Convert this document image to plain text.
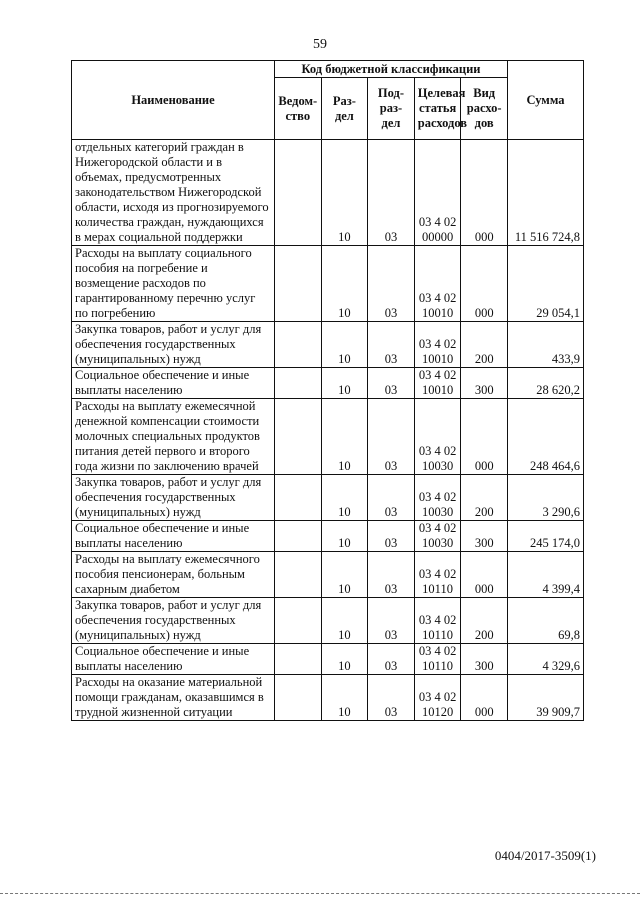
59
Наименование	Код бюджетной классификации					Сумма
	Ведом-ство	Раз-дел	Под-раз-дел	Целевая статья расходов	Вид расхо-дов	
отдельных категорий граждан в Нижегородской области и в объемах, предусмотренных законодательством Нижегородской области, исходя из прогнозируемого количества граждан, нуждающихся в мерах социальной поддержки		10	03	03 4 02 00000	000	11 516 724,8
Расходы на выплату социального пособия на погребение и возмещение расходов по гарантированному перечню услуг по погребению		10	03	03 4 02 10010	000	29 054,1
Закупка товаров, работ и услуг для обеспечения государственных (муниципальных) нужд		10	03	03 4 02 10010	200	433,9
Социальное обеспечение и иные выплаты населению		10	03	03 4 02 10010	300	28 620,2
Расходы на выплату ежемесячной денежной компенсации стоимости молочных специальных продуктов питания детей первого и второго года жизни по заключению врачей		10	03	03 4 02 10030	000	248 464,6
Закупка товаров, работ и услуг для обеспечения государственных (муниципальных) нужд		10	03	03 4 02 10030	200	3 290,6
Социальное обеспечение и иные выплаты населению		10	03	03 4 02 10030	300	245 174,0
Расходы на выплату ежемесячного пособия пенсионерам, больным сахарным диабетом		10	03	03 4 02 10110	000	4 399,4
Закупка товаров, работ и услуг для обеспечения государственных (муниципальных) нужд		10	03	03 4 02 10110	200	69,8
Социальное обеспечение и иные выплаты населению		10	03	03 4 02 10110	300	4 329,6
Расходы на оказание материальной помощи гражданам, оказавшимся в трудной жизненной ситуации		10	03	03 4 02 10120	000	39 909,7
0404/2017-3509(1)
